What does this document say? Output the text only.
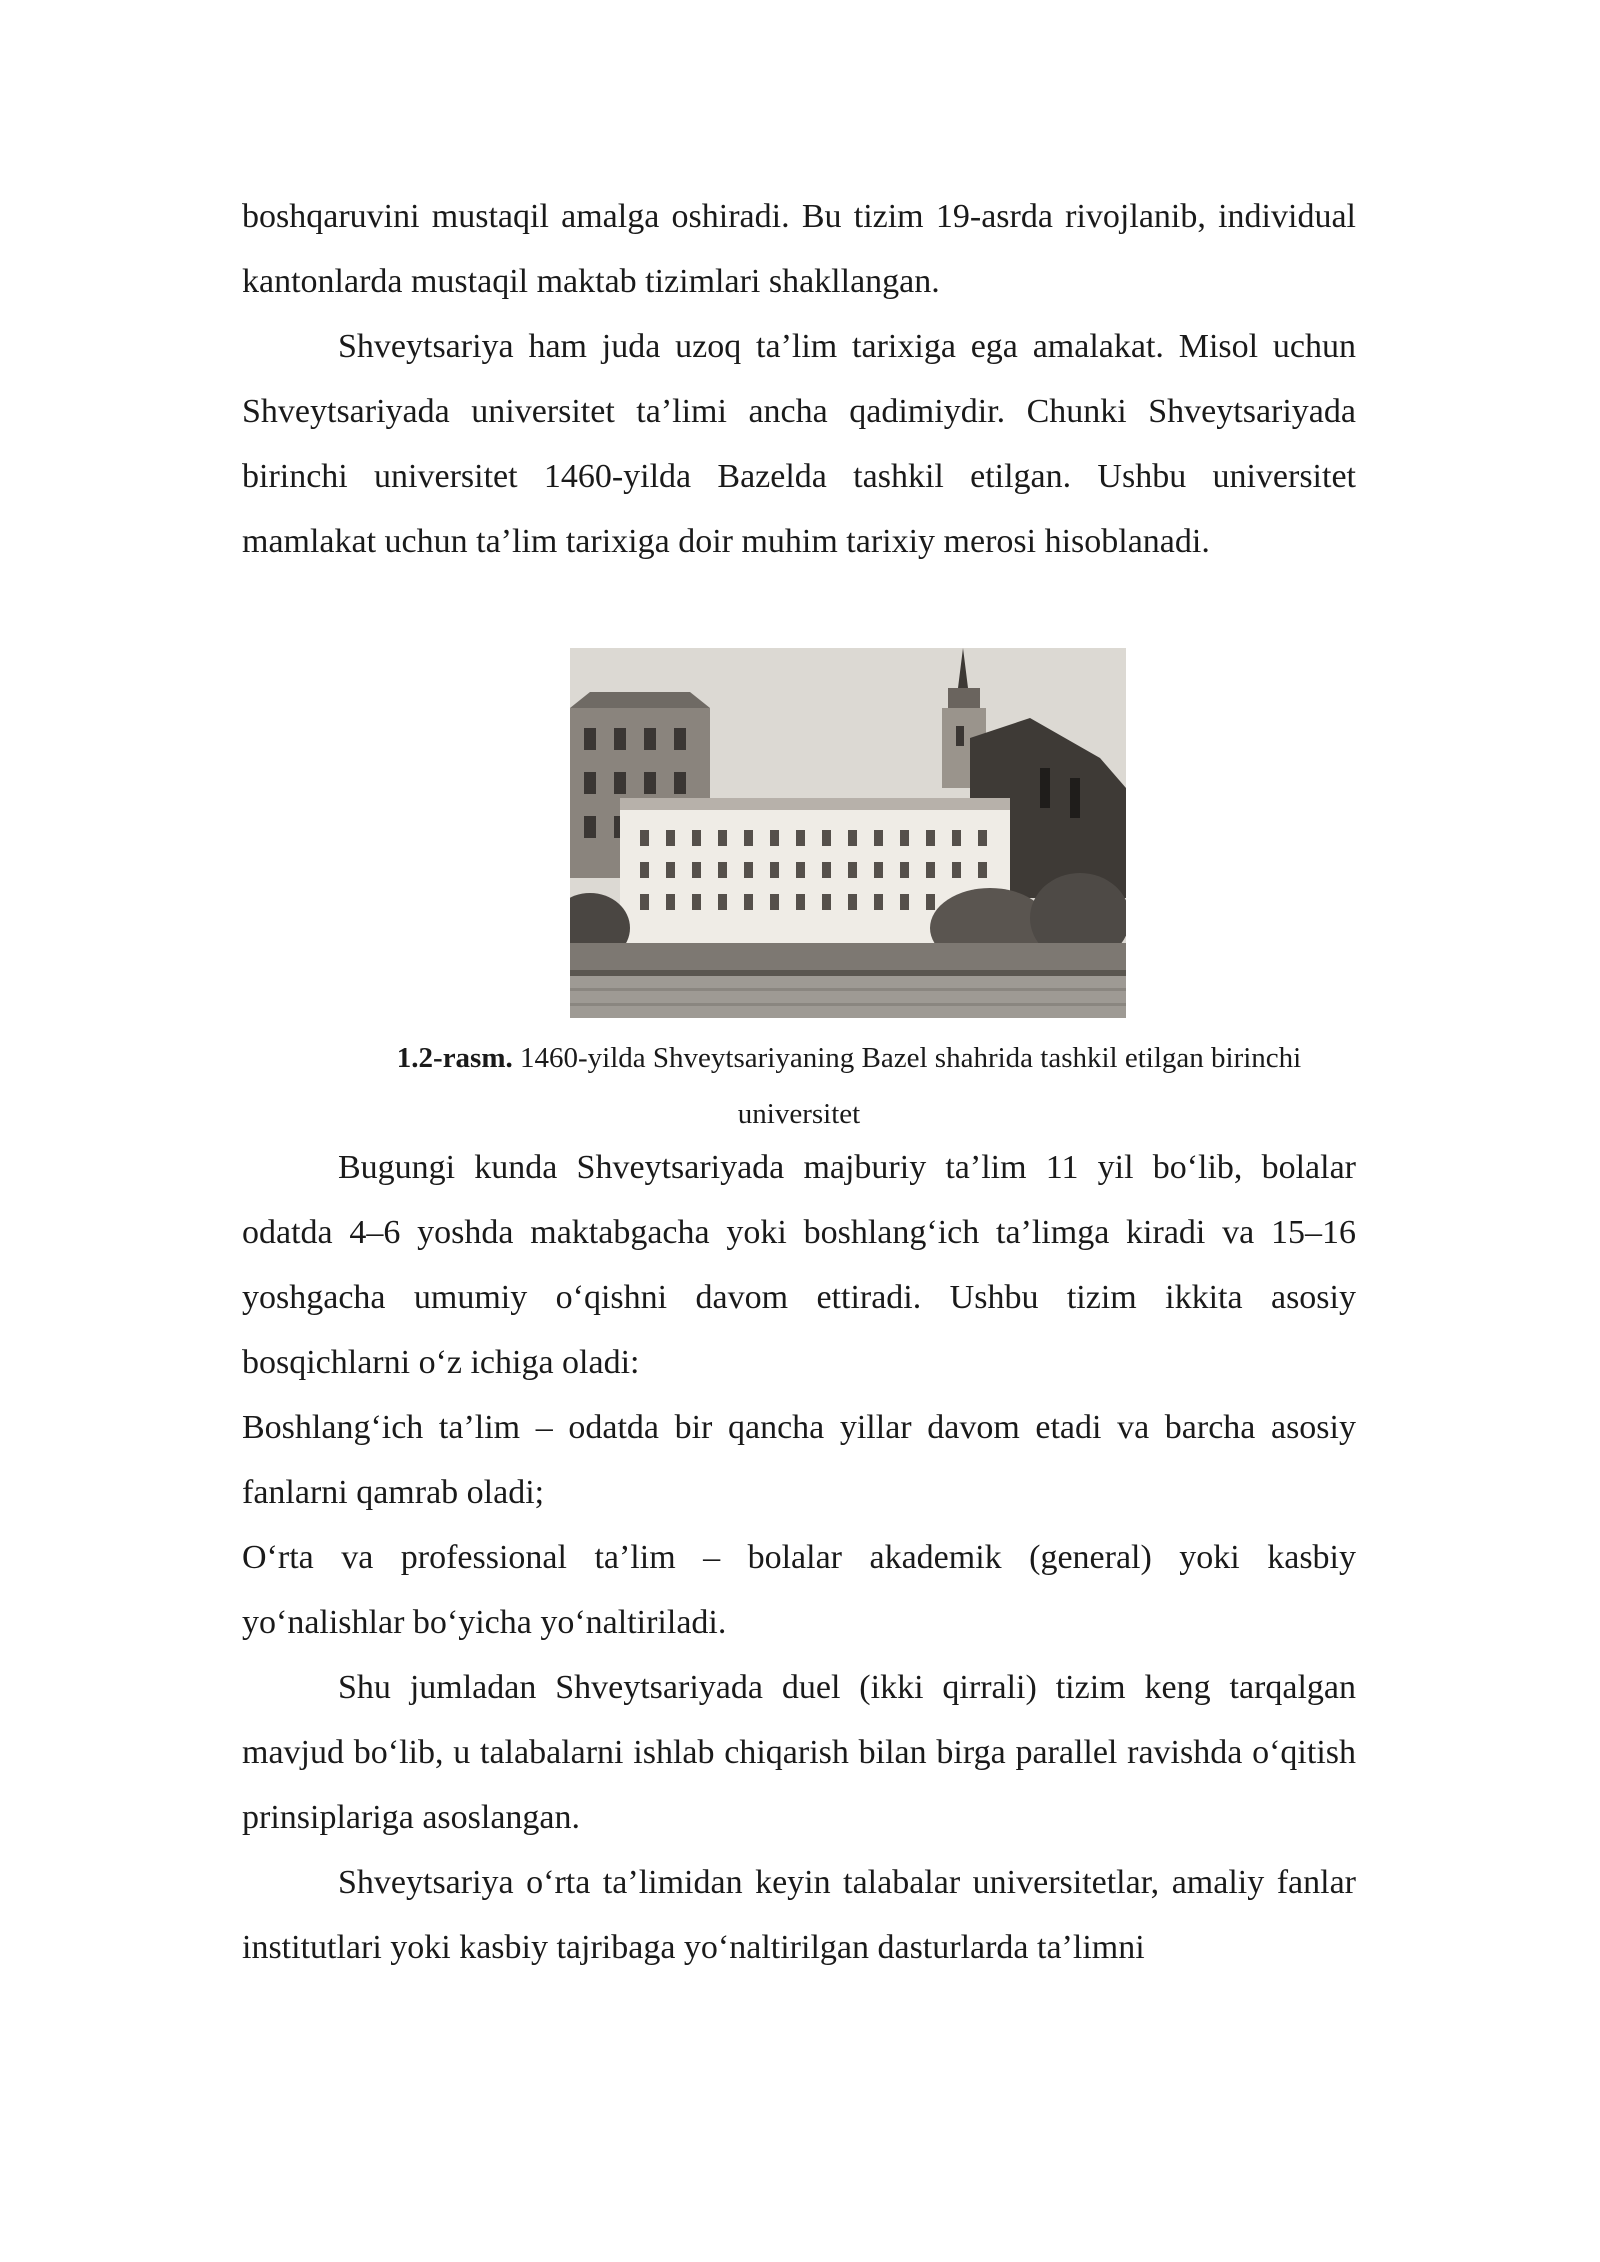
boshqaruvini mustaqil amalga oshiradi. Bu tizim 19-asrda rivojlanib, individual kantonlarda mustaqil maktab tizimlari shakllangan.

Shveytsariya ham juda uzoq ta’lim tarixiga ega amalakat. Misol uchun Shveytsariyada universitet ta’limi ancha qadimiydir. Chunki Shveytsariyada birinchi universitet 1460-yilda Bazelda tashkil etilgan. Ushbu universitet mamlakat uchun ta’lim tarixiga doir muhim tarixiy merosi hisoblanadi.

1.2-rasm. 1460-yilda Shveytsariyaning Bazel shahrida tashkil etilgan birinchi
universitet

Bugungi kunda Shveytsariyada majburiy ta’lim 11 yil bo‘lib, bolalar odatda 4–6 yoshda maktabgacha yoki boshlang‘ich ta’limga kiradi va 15–16 yoshgacha umumiy o‘qishni davom ettiradi. Ushbu tizim ikkita asosiy bosqichlarni o‘z ichiga oladi:

Boshlang‘ich ta’lim – odatda bir qancha yillar davom etadi va barcha asosiy fanlarni qamrab oladi;

O‘rta va professional ta’lim – bolalar akademik (general) yoki kasbiy yo‘nalishlar bo‘yicha yo‘naltiriladi.

Shu jumladan Shveytsariyada duel (ikki qirrali) tizim keng tarqalgan mavjud bo‘lib, u talabalarni ishlab chiqarish bilan birga parallel ravishda o‘qitish prinsiplariga asoslangan.

Shveytsariya o‘rta ta’limidan keyin talabalar universitetlar, amaliy fanlar institutlari yoki kasbiy tajribaga yo‘naltirilgan dasturlarda ta’limni
